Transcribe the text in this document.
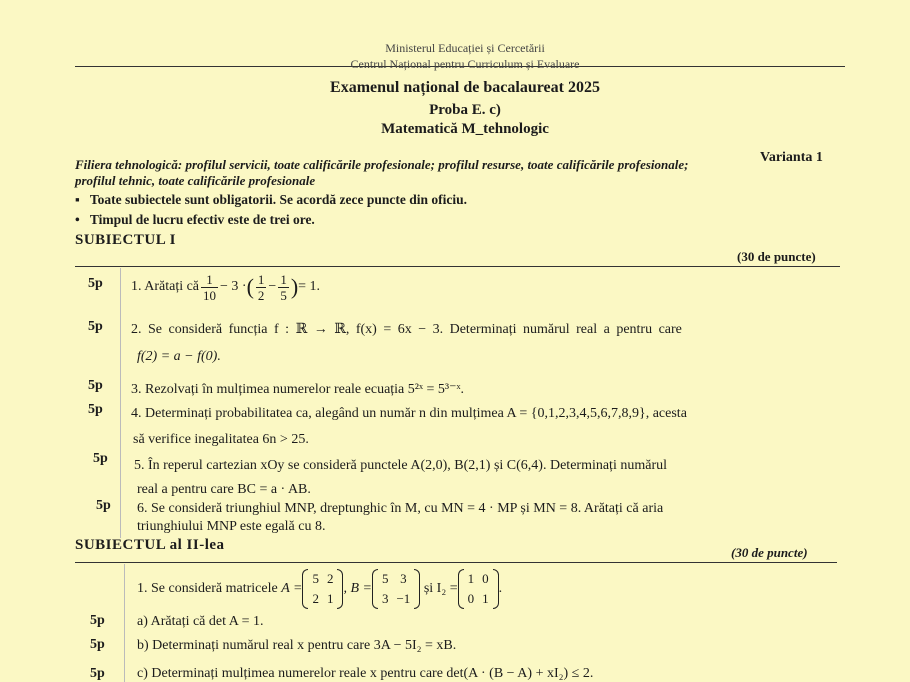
Ministerul Educației și Cercetării
Centrul Național pentru Curriculum și Evaluare
Examenul național de bacalaureat 2025
Proba E. c)
Matematică M_tehnologic
Varianta 1
Filiera tehnologică: profilul servicii, toate calificările profesionale; profilul resurse, toate calificările profesionale;
profilul tehnic, toate calificările profesionale
▪   Toate subiectele sunt obligatorii. Se acordă zece puncte din oficiu.
•   Timpul de lucru efectiv este de trei ore.
SUBIECTUL I
(30 de puncte)
5p 1. Arătați că $\frac{1}{10} - 3$ · ( $\frac{1}{2} - \frac{1}{5}$ ) = 1.
5p 2. Se consideră funcția f : ℝ → ℝ, f(x) = 6x − 3. Determinați numărul real a pentru care
f(2) = a − f(0).
5p 3. Rezolvați în mulțimea numerelor reale ecuația 5²ˣ = 5³⁻ˣ.
5p 4. Determinați probabilitatea ca, alegând un număr n din mulțimea A = {0,1,2,3,4,5,6,7,8,9}, acesta
să verifice inegalitatea 6n > 25.
5p 5. În reperul cartezian xOy se consideră punctele A(2,0), B(2,1) și C(6,4). Determinați numărul
real a pentru care BC = a · AB.
5p 6. Se consideră triunghiul MNP, dreptunghic în M, cu MN = 4 · MP și MN = 8. Arătați că aria
triunghiului MNP este egală cu 8.
SUBIECTUL al II-lea	(30 de puncte)
1. Se consideră matricele
A =
5	2
2	1
, B =
5	3
3	−1

și I₂ =
1	0
0	1
.
5p a) Arătați că det A = 1.
5p b) Determinați numărul real x pentru care 3A − 5I₂ = xB.
5p c) Determinați mulțimea numerelor reale x pentru care det(A · (B − A) + xI₂) ≤ 2.
